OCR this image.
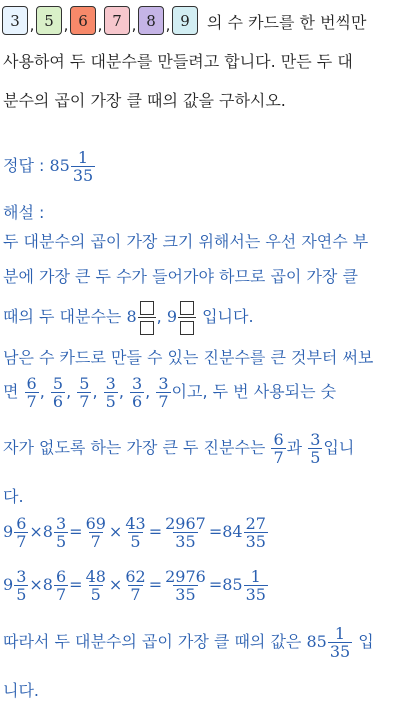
3 , 5 , 6 , 7 , 8 , 9	의 수 카드를 한 번씩만
사용하여 두 대분수를 만들려고 합니다. 만든 두 대
분수의 곱이 가장 클 때의 값을 구하시오.
정답 : $85 \frac{1}{35}$
해설 :
두 대분수의 곱이 가장 크기 위해서는 우선 자연수 부
분에 가장 큰 두 수가 들어가야 하므로 곱이 가장 클
때의 두 대분수는 8 , 9
입니다.
남은 수 카드로 만들 수 있는 진분수를 큰 것부터 써보
면 $\frac{6}{7}$ , $\frac{5}{6}$ , $\frac{5}{7}$ , $\frac{3}{5}$ , $\frac{3}{6}$ , $\frac{3}{7}$ 이고, 두 번 사용되는 숫
자가 없도록 하는 가장 큰 두 진분수는 $\frac{6}{7}$ 과 $\frac{3}{5}$ 입니
다.
$9 \frac{6}{7} \times 8 \frac{3}{5} = \frac{69}{7} \times \frac{43}{5} = \frac{2967}{35} =84 \frac{27}{35}$
$9 \frac{3}{5} \times 8 \frac{6}{7} = \frac{48}{5} \times \frac{62}{7} = \frac{2976}{35} =85 \frac{1}{35}$
따라서 두 대분수의 곱이 가장 클 때의 값은 $85 \frac{1}{35}$ 입
니다.
